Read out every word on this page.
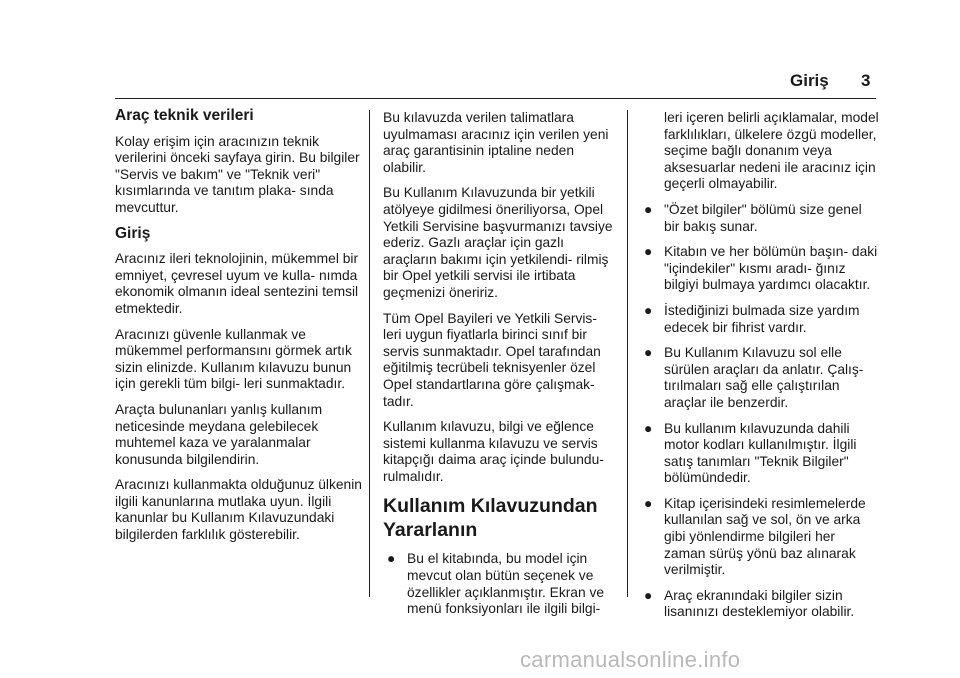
Giriş 3
Araç teknik verileri
Kolay erişim için aracınızın teknik verilerini önceki sayfaya girin. Bu bilgiler "Servis ve bakım" ve "Teknik veri" kısımlarında ve tanıtım plaka- sında mevcuttur.
Giriş
Aracınız ileri teknolojinin, mükemmel bir emniyet, çevresel uyum ve kulla- nımda ekonomik olmanın ideal sentezini temsil etmektedir.
Aracınızı güvenle kullanmak ve mükemmel performansını görmek artık sizin elinizde. Kullanım kılavuzu bunun için gerekli tüm bilgi- leri sunmaktadır.
Araçta bulunanları yanlış kullanım neticesinde meydana gelebilecek muhtemel kaza ve yaralanmalar konusunda bilgilendirin.
Aracınızı kullanmakta olduğunuz ülkenin ilgili kanunlarına mutlaka uyun. İlgili kanunlar bu Kullanım Kılavuzundaki bilgilerden farklılık gösterebilir.
Bu kılavuzda verilen talimatlara uyulmaması aracınız için verilen yeni araç garantisinin iptaline neden olabilir.
Bu Kullanım Kılavuzunda bir yetkili atölyeye gidilmesi öneriliyorsa, Opel Yetkili Servisine başvurmanızı tavsiye ederiz. Gazlı araçlar için gazlı araçların bakımı için yetkilendi- rilmiş bir Opel yetkili servisi ile irtibata geçmenizi öneririz.
Tüm Opel Bayileri ve Yetkili Servis- leri uygun fiyatlarla birinci sınıf bir servis sunmaktadır. Opel tarafından eğitilmiş tecrübeli teknisyenler özel Opel standartlarına göre çalışmak- tadır.
Kullanım kılavuzu, bilgi ve eğlence sistemi kullanma kılavuzu ve servis kitapçığı daima araç içinde bulundu- rulmalıdır.
Kullanım Kılavuzundan Yararlanın
● Bu el kitabında, bu model için mevcut olan bütün seçenek ve özellikler açıklanmıştır. Ekran ve menü fonksiyonları ile ilgili bilgi-
leri içeren belirli açıklamalar, model farklılıkları, ülkelere özgü modeller, seçime bağlı donanım veya aksesuarlar nedeni ile aracınız için geçerli olmayabilir.
● "Özet bilgiler" bölümü size genel bir bakış sunar.
● Kitabın ve her bölümün başın- daki "içindekiler" kısmı aradı- ğınız bilgiyi bulmaya yardımcı olacaktır.
● İstediğinizi bulmada size yardım edecek bir fihrist vardır.
● Bu Kullanım Kılavuzu sol elle sürülen araçları da anlatır. Çalış- tırılmaları sağ elle çalıştırılan araçlar ile benzerdir.
● Bu kullanım kılavuzunda dahili motor kodları kullanılmıştır. İlgili satış tanımları "Teknik Bilgiler" bölümündedir.
● Kitap içerisindeki resimlemelerde kullanılan sağ ve sol, ön ve arka gibi yönlendirme bilgileri her zaman sürüş yönü baz alınarak verilmiştir.
● Araç ekranındaki bilgiler sizin lisanınızı desteklemiyor olabilir.
carmanualsonline.info
